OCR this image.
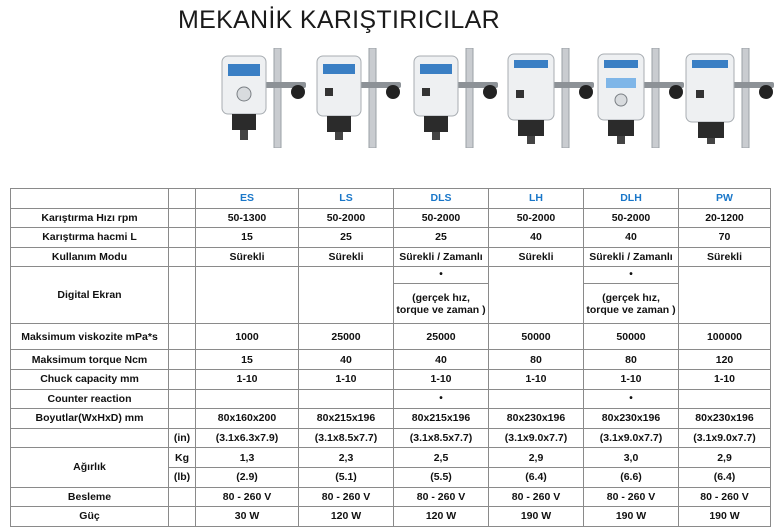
MEKANİK KARIŞTIRICILAR
		ES	LS	DLS	LH	DLH	PW
Karıştırma Hızı rpm		50-1300	50-2000	50-2000	50-2000	50-2000	20-1200
Karıştırma hacmi L		15	25	25	40	40	70
Kullanım Modu		Sürekli	Sürekli	Sürekli / Zamanlı	Sürekli	Sürekli / Zamanlı	Sürekli
Digital Ekran				•		•	
				(gerçek hız, torque ve zaman )		(gerçek hız, torque ve zaman )	
Maksimum viskozite mPa*s		1000	25000	25000	50000	50000	100000
Maksimum torque Ncm		15	40	40	80	80	120
Chuck capacity mm		1-10	1-10	1-10	1-10	1-10	1-10
Counter reaction				•		•	
Boyutlar(WxHxD) mm		80x160x200	80x215x196	80x215x196	80x230x196	80x230x196	80x230x196
	(in)	(3.1x6.3x7.9)	(3.1x8.5x7.7)	(3.1x8.5x7.7)	(3.1x9.0x7.7)	(3.1x9.0x7.7)	(3.1x9.0x7.7)
Ağırlık	Kg	1,3	2,3	2,5	2,9	3,0	2,9
	(lb)	(2.9)	(5.1)	(5.5)	(6.4)	(6.6)	(6.4)
Besleme		80 - 260 V	80 - 260 V	80 - 260 V	80 - 260 V	80 - 260 V	80 - 260 V
Güç		30 W	120 W	120 W	190 W	190 W	190 W
